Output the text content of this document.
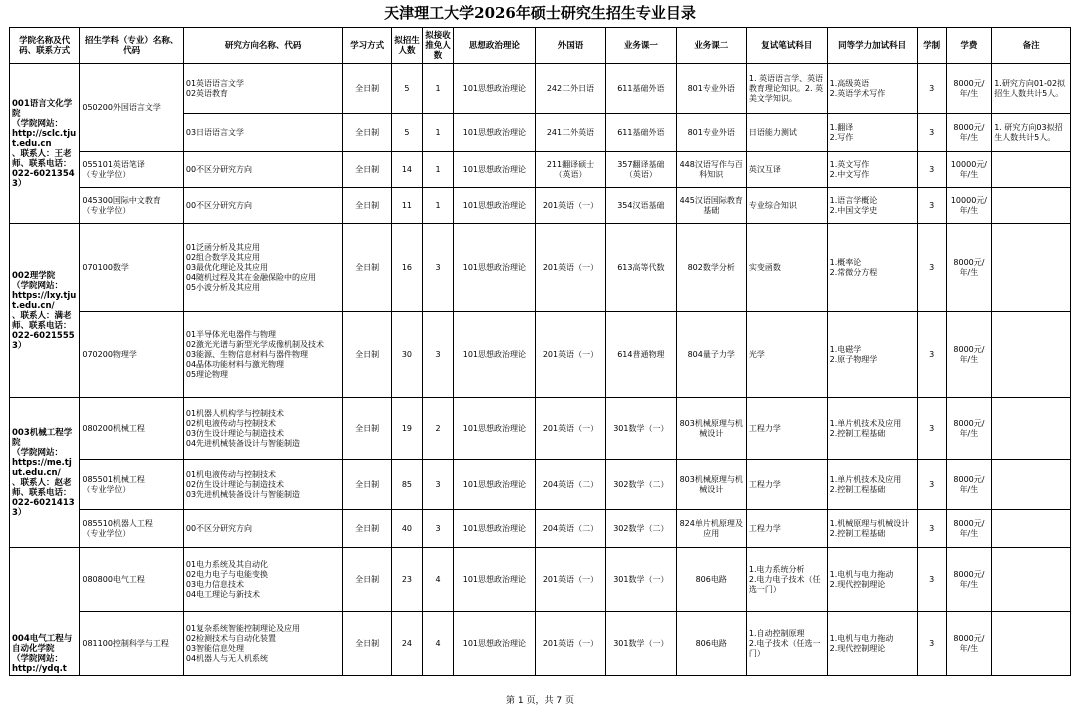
天津理工大学2026年硕士研究生招生专业目录
学院名称及代码、联系方式	招生学科（专业）名称、代码	研究方向名称、代码	学习方式	拟招生人数	拟接收推免人数	思想政治理论	外国语	业务课一	业务课二	复试笔试科目	同等学力加试科目	学制	学费	备注
001语言文化学院
（学院网站：
http://sclc.tjut.edu.cn
、联系人：王老师、联系电话：022-60213543）	050200外国语言文学	01英语语言文学
02英语教育	全日制	5	1	101思想政治理论	242二外日语	611基础外语	801专业外语	1. 英语语言学、英语教育理论知识。2. 英美文学知识。	1.高级英语
2.英语学术写作	3	8000元/年/生	1.研究方向01-02拟招生人数共计5人。
		03日语语言文学	全日制	5	1	101思想政治理论	241二外英语	611基础外语	801专业外语	日语能力测试	1.翻译
2.写作	3	8000元/年/生	1. 研究方向03拟招生人数共计5人。
	055101英语笔译
（专业学位）	00不区分研究方向	全日制	14	1	101思想政治理论	211翻译硕士
（英语）	357翻译基础
（英语）	448汉语写作与百科知识	英汉互译	1.英文写作
2.中文写作	3	10000元/年/生	
	045300国际中文教育
（专业学位）	00不区分研究方向	全日制	11	1	101思想政治理论	201英语（一）	354汉语基础	445汉语国际教育基础	专业综合知识	1.语言学概论
2.中国文学史	3	10000元/年/生	
002理学院
（学院网站：
https://lxy.tjut.edu.cn/
、联系人：满老师、联系电话：022-60215553）	070100数学	01泛函分析及其应用
02组合数学及其应用
03最优化理论及其应用
04随机过程及其在金融保险中的应用
05小波分析及其应用	全日制	16	3	101思想政治理论	201英语（一）	613高等代数	802数学分析	实变函数	1.概率论
2.常微分方程	3	8000元/年/生	
	070200物理学	01半导体光电器件与物理
02激光光谱与新型光学成像机制及技术
03能源、生物信息材料与器件物理
04晶体功能材料与激光物理
05理论物理	全日制	30	3	101思想政治理论	201英语（一）	614普通物理	804量子力学	光学	1.电磁学
2.原子物理学	3	8000元/年/生	
003机械工程学院
（学院网站：
https://me.tjut.edu.cn/
、联系人：赵老师、联系电话：022-60214133）	080200机械工程	01机器人机构学与控制技术
02机电液传动与控制技术
03仿生设计理论与制造技术
04先进机械装备设计与智能制造	全日制	19	2	101思想政治理论	201英语（一）	301数学（一）	803机械原理与机械设计	工程力学	1.单片机技术及应用
2.控制工程基础	3	8000元/年/生	
	085501机械工程
（专业学位）	01机电液传动与控制技术
02仿生设计理论与制造技术
03先进机械装备设计与智能制造	全日制	85	3	101思想政治理论	204英语（二）	302数学（二）	803机械原理与机械设计	工程力学	1.单片机技术及应用
2.控制工程基础	3	8000元/年/生	
	085510机器人工程
（专业学位）	00不区分研究方向	全日制	40	3	101思想政治理论	204英语（二）	302数学（二）	824单片机原理及应用	工程力学	1.机械原理与机械设计
2.控制工程基础	3	8000元/年/生	
004电气工程与自动化学院
（学院网站：
http://ydq.t	080800电气工程	01电力系统及其自动化
02电力电子与电能变换
03电力信息技术
04电工理论与新技术	全日制	23	4	101思想政治理论	201英语（一）	301数学（一）	806电路	1.电力系统分析
2.电力电子技术（任选一门）	1.电机与电力拖动
2.现代控制理论	3	8000元/年/生	
	081100控制科学与工程	01复杂系统智能控制理论及应用
02检测技术与自动化装置
03智能信息处理
04机器人与无人机系统	全日制	24	4	101思想政治理论	201英语（一）	301数学（一）	806电路	1.自动控制原理
2.电子技术（任选一门）	1.电机与电力拖动
2.现代控制理论	3	8000元/年/生	
第 1 页，共 7 页
